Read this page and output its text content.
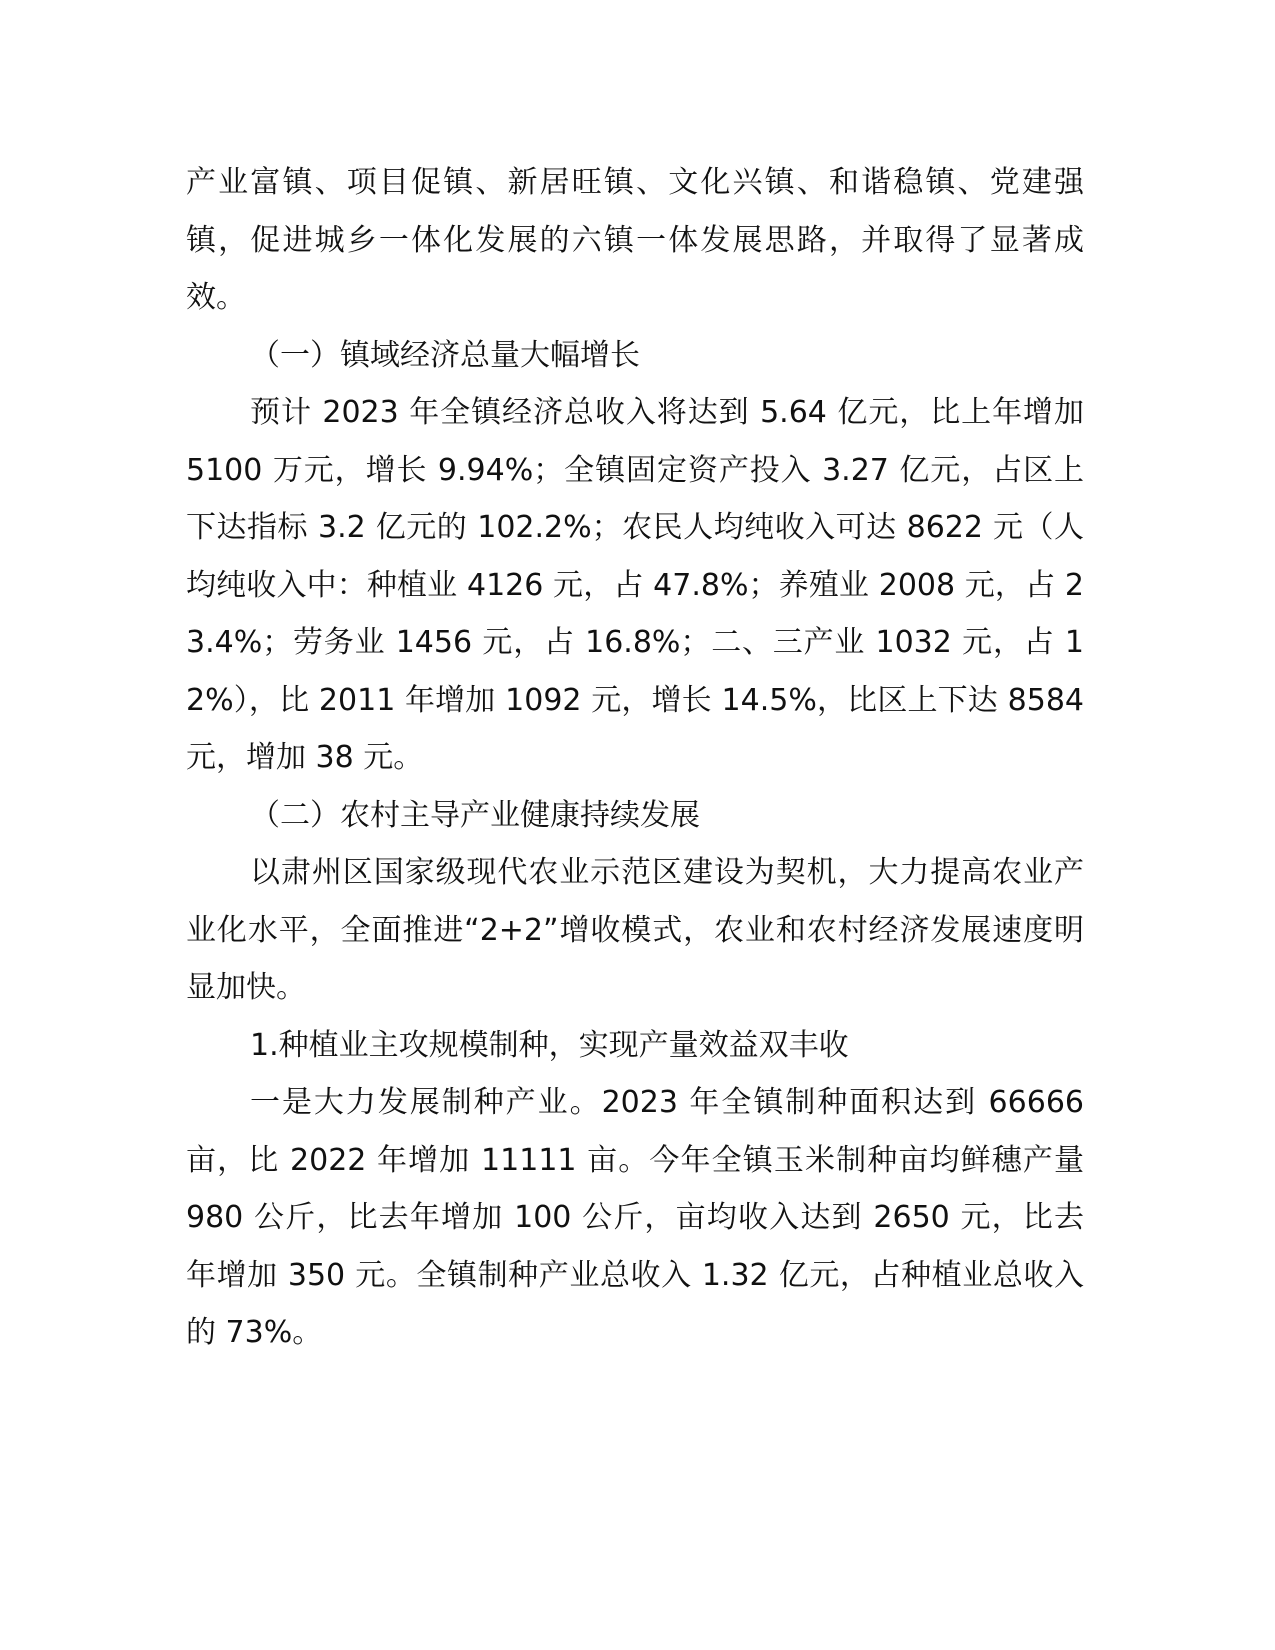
产业富镇、项目促镇、新居旺镇、文化兴镇、和谐稳镇、党建强镇，促进城乡一体化发展的六镇一体发展思路，并取得了显著成效。

（一）镇域经济总量大幅增长

预计 2023 年全镇经济总收入将达到 5.64 亿元，比上年增加 5100 万元，增长 9.94%；全镇固定资产投入 3.27 亿元，占区上下达指标 3.2 亿元的 102.2%；农民人均纯收入可达 8622 元（人均纯收入中：种植业 4126 元，占 47.8%；养殖业 2008 元，占 23.4%；劳务业 1456 元，占 16.8%；二、三产业 1032 元，占 12%），比 2011 年增加 1092 元，增长 14.5%，比区上下达 8584 元，增加 38 元。

（二）农村主导产业健康持续发展

以肃州区国家级现代农业示范区建设为契机，大力提高农业产业化水平，全面推进“2+2”增收模式，农业和农村经济发展速度明显加快。

1.种植业主攻规模制种，实现产量效益双丰收

一是大力发展制种产业。2023 年全镇制种面积达到 66666 亩，比 2022 年增加 11111 亩。今年全镇玉米制种亩均鲜穗产量 980 公斤，比去年增加 100 公斤，亩均收入达到 2650 元，比去年增加 350 元。全镇制种产业总收入 1.32 亿元，占种植业总收入的 73%。
